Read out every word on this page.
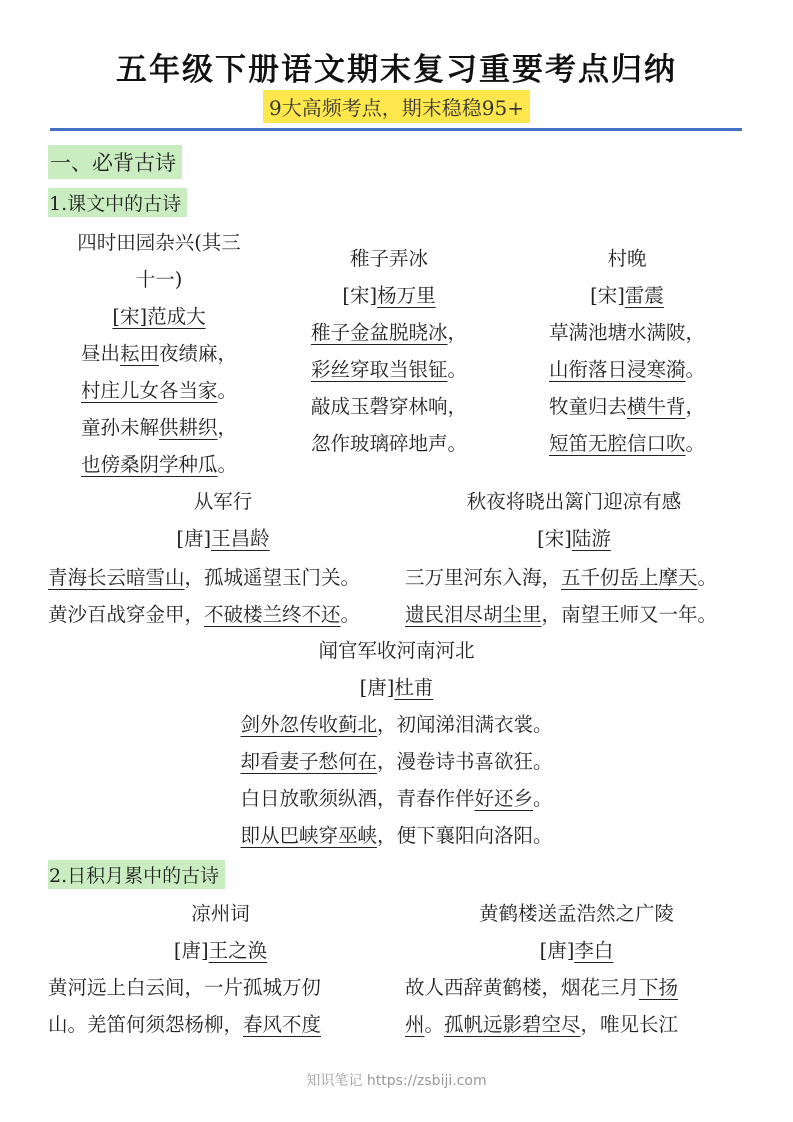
五年级下册语文期末复习重要考点归纳
9大高频考点，期末稳稳95+
一、必背古诗
1.课文中的古诗
四时田园杂兴(其三
十一)
[宋]范成大
昼出耘田夜绩麻，
村庄儿女各当家。
童孙未解供耕织，
也傍桑阴学种瓜。
稚子弄冰
[宋]杨万里
稚子金盆脱晓冰，
彩丝穿取当银钲。
敲成玉磬穿林响，
忽作玻璃碎地声。
村晚
[宋]雷震
草满池塘水满陂，
山衔落日浸寒漪。
牧童归去横牛背，
短笛无腔信口吹。
从军行
[唐]王昌龄
秋夜将晓出篱门迎凉有感
[宋]陆游
青海长云暗雪山，孤城遥望玉门关。 三万里河东入海，五千仞岳上摩天。
黄沙百战穿金甲，不破楼兰终不还。 遗民泪尽胡尘里，南望王师又一年。
闻官军收河南河北
[唐]杜甫
剑外忽传收蓟北，初闻涕泪满衣裳。
却看妻子愁何在，漫卷诗书喜欲狂。
白日放歌须纵酒，青春作伴好还乡。
即从巴峡穿巫峡，便下襄阳向洛阳。
2.日积月累中的古诗
凉州词
[唐]王之涣
黄河远上白云间，一片孤城万仞
山。羌笛何须怨杨柳，春风不度
黄鹤楼送孟浩然之广陵
[唐]李白
故人西辞黄鹤楼，烟花三月下扬
州。孤帆远影碧空尽，唯见长江
知识笔记 https://zsbiji.com
